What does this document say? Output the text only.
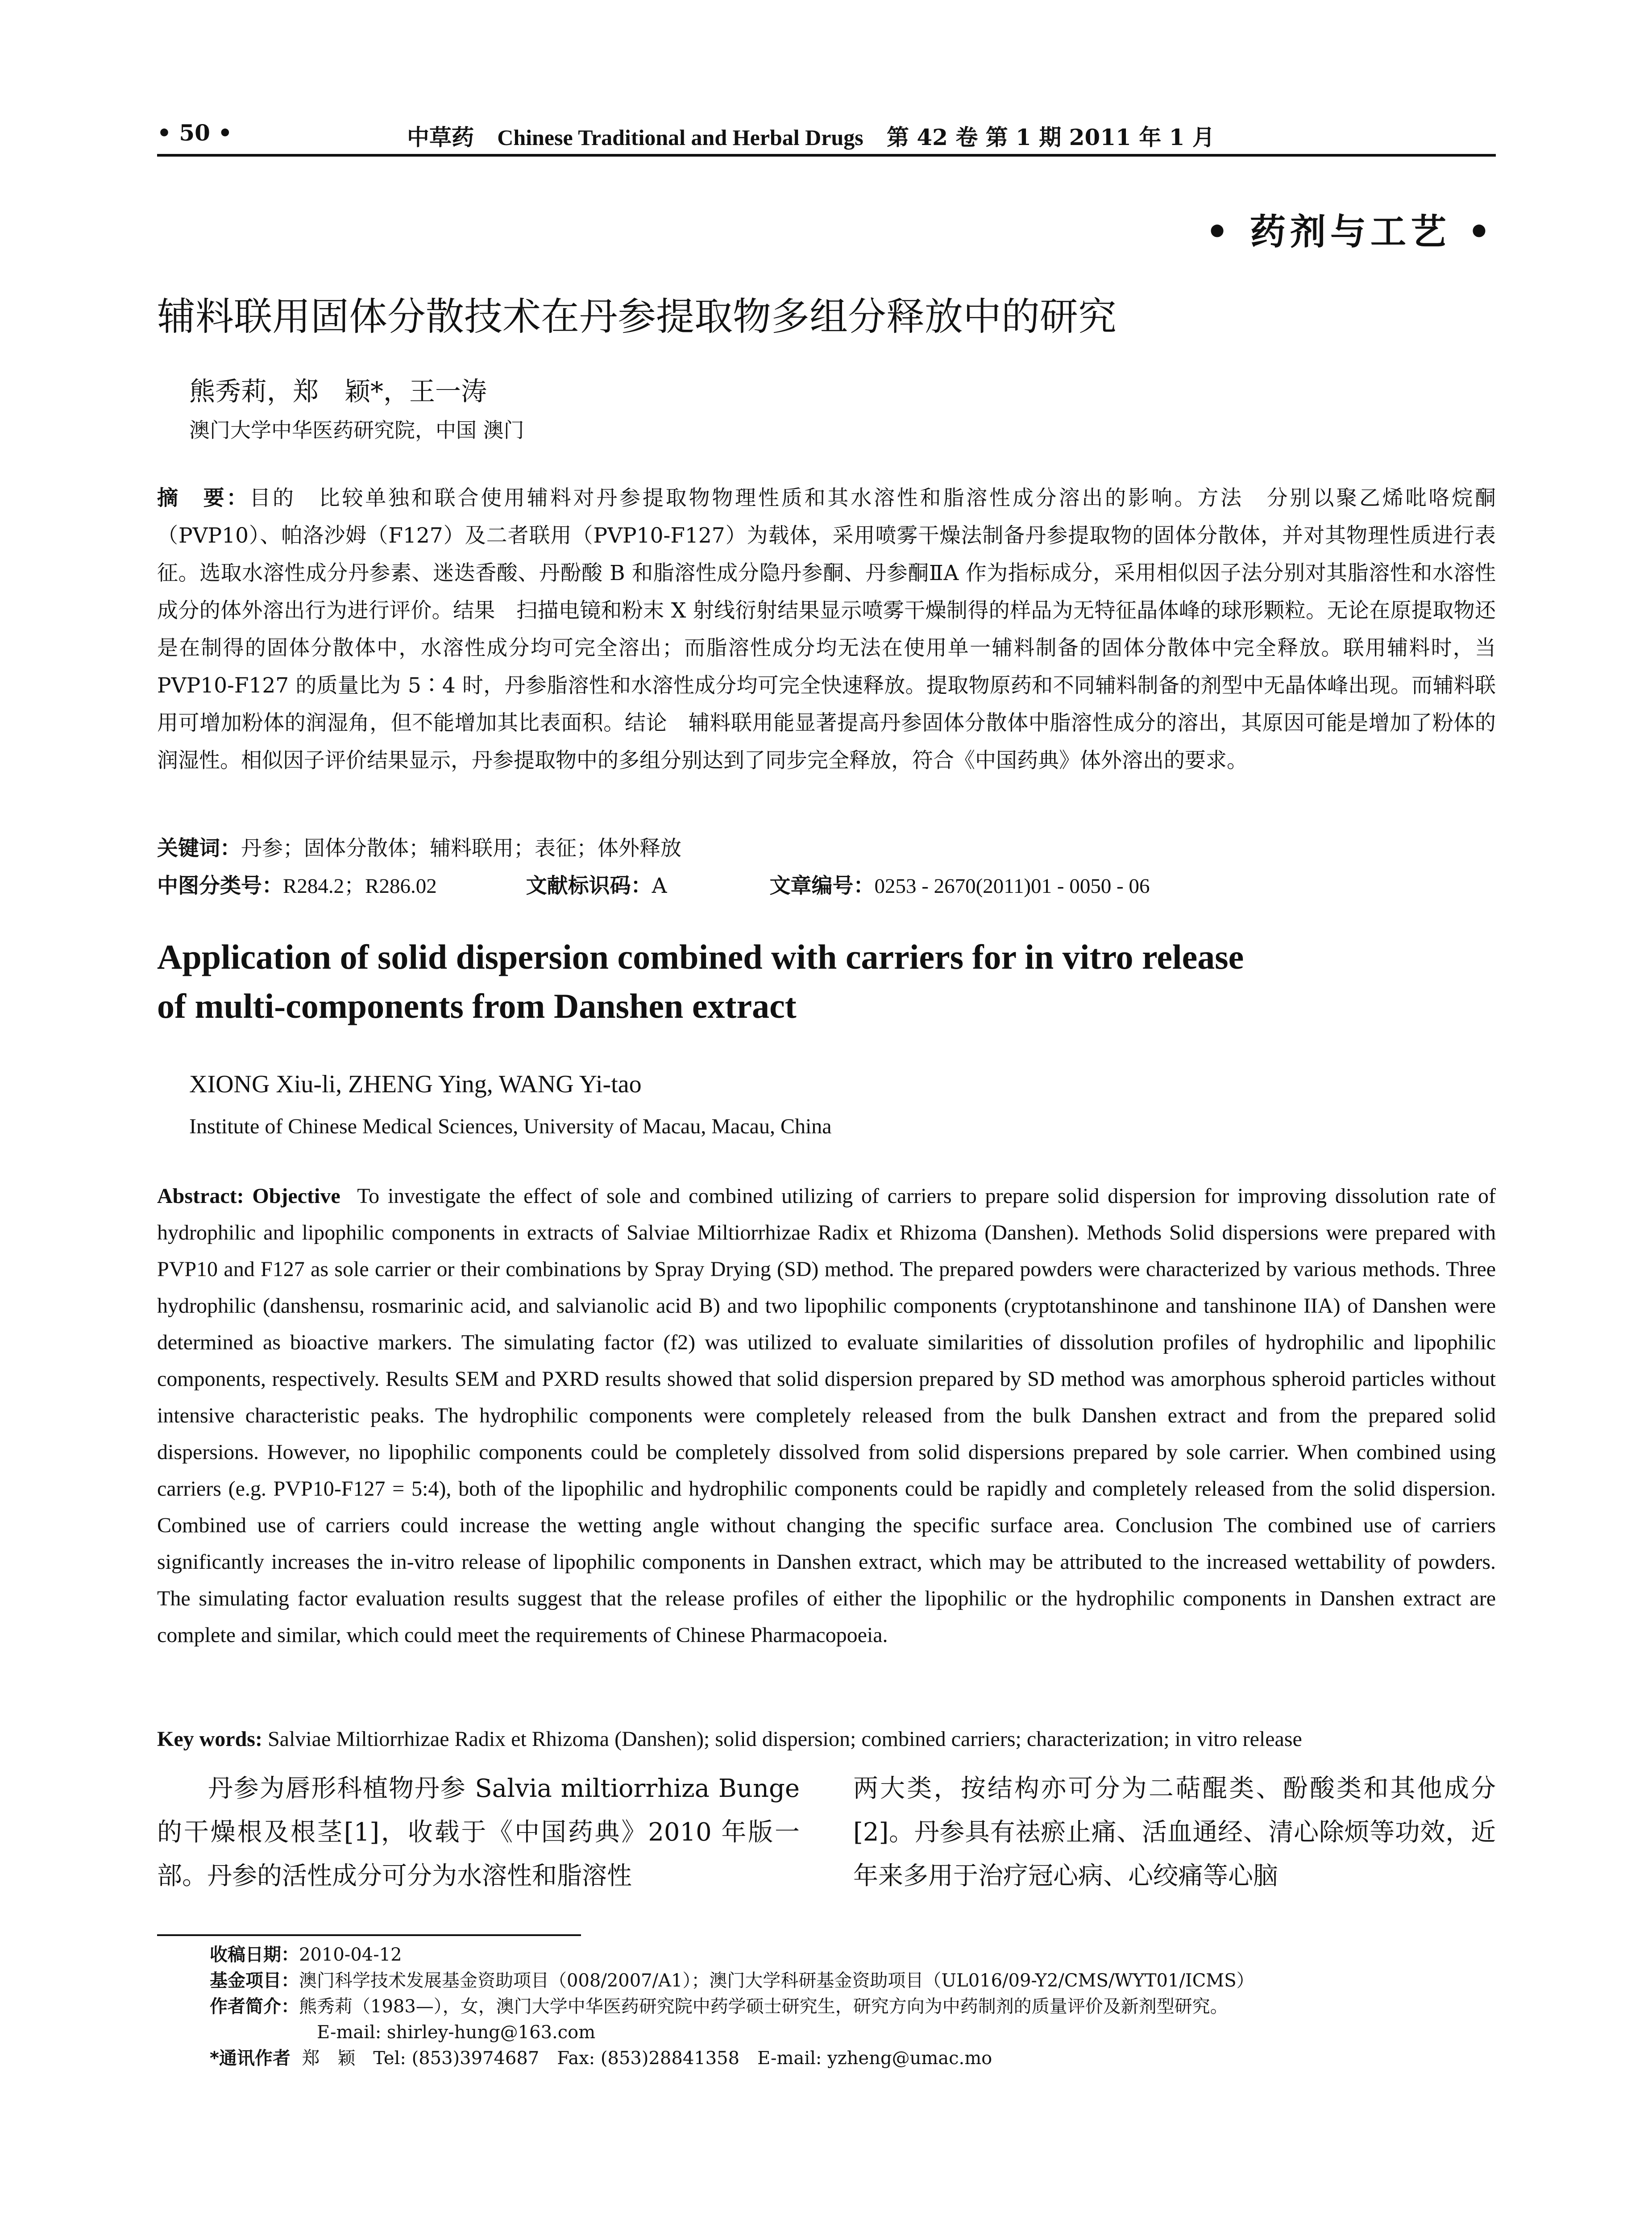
• 50 •	中草药 Chinese Traditional and Herbal Drugs 第 42 卷 第 1 期 2011 年 1 月
• 药剂与工艺 •
辅料联用固体分散技术在丹参提取物多组分释放中的研究
熊秀莉，郑　颖*，王一涛
澳门大学中华医药研究院，中国 澳门
摘　要：目的　比较单独和联合使用辅料对丹参提取物物理性质和其水溶性和脂溶性成分溶出的影响。方法　分别以聚乙烯吡咯烷酮（PVP10）、帕洛沙姆（F127）及二者联用（PVP10-F127）为载体，采用喷雾干燥法制备丹参提取物的固体分散体，并对其物理性质进行表征。选取水溶性成分丹参素、迷迭香酸、丹酚酸 B 和脂溶性成分隐丹参酮、丹参酮ⅡA 作为指标成分，采用相似因子法分别对其脂溶性和水溶性成分的体外溶出行为进行评价。结果　扫描电镜和粉末 X 射线衍射结果显示喷雾干燥制得的样品为无特征晶体峰的球形颗粒。无论在原提取物还是在制得的固体分散体中，水溶性成分均可完全溶出；而脂溶性成分均无法在使用单一辅料制备的固体分散体中完全释放。联用辅料时，当 PVP10-F127 的质量比为 5∶4 时，丹参脂溶性和水溶性成分均可完全快速释放。提取物原药和不同辅料制备的剂型中无晶体峰出现。而辅料联用可增加粉体的润湿角，但不能增加其比表面积。结论　辅料联用能显著提高丹参固体分散体中脂溶性成分的溶出，其原因可能是增加了粉体的润湿性。相似因子评价结果显示，丹参提取物中的多组分别达到了同步完全释放，符合《中国药典》体外溶出的要求。
关键词：丹参；固体分散体；辅料联用；表征；体外释放
中图分类号：R284.2；R286.02	文献标识码：A	文章编号：0253 - 2670(2011)01 - 0050 - 06
Application of solid dispersion combined with carriers for in vitro release
of multi-components from Danshen extract
XIONG Xiu-li, ZHENG Ying, WANG Yi-tao
Institute of Chinese Medical Sciences, University of Macau, Macau, China
Abstract: Objective To investigate the effect of sole and combined utilizing of carriers to prepare solid dispersion for improving dissolution rate of hydrophilic and lipophilic components in extracts of Salviae Miltiorrhizae Radix et Rhizoma (Danshen). Methods Solid dispersions were prepared with PVP10 and F127 as sole carrier or their combinations by Spray Drying (SD) method. The prepared powders were characterized by various methods. Three hydrophilic (danshensu, rosmarinic acid, and salvianolic acid B) and two lipophilic components (cryptotanshinone and tanshinone IIA) of Danshen were determined as bioactive markers. The simulating factor (f2) was utilized to evaluate similarities of dissolution profiles of hydrophilic and lipophilic components, respectively. Results SEM and PXRD results showed that solid dispersion prepared by SD method was amorphous spheroid particles without intensive characteristic peaks. The hydrophilic components were completely released from the bulk Danshen extract and from the prepared solid dispersions. However, no lipophilic components could be completely dissolved from solid dispersions prepared by sole carrier. When combined using carriers (e.g. PVP10-F127 = 5:4), both of the lipophilic and hydrophilic components could be rapidly and completely released from the solid dispersion. Combined use of carriers could increase the wetting angle without changing the specific surface area. Conclusion The combined use of carriers significantly increases the in-vitro release of lipophilic components in Danshen extract, which may be attributed to the increased wettability of powders. The simulating factor evaluation results suggest that the release profiles of either the lipophilic or the hydrophilic components in Danshen extract are complete and similar, which could meet the requirements of Chinese Pharmacopoeia.
Key words: Salviae Miltiorrhizae Radix et Rhizoma (Danshen); solid dispersion; combined carriers; characterization; in vitro release
丹参为唇形科植物丹参 Salvia miltiorrhiza Bunge 的干燥根及根茎[1]，收载于《中国药典》2010 年版一部。丹参的活性成分可分为水溶性和脂溶性
两大类，按结构亦可分为二萜醌类、酚酸类和其他成分[2]。丹参具有祛瘀止痛、活血通经、清心除烦等功效，近年来多用于治疗冠心病、心绞痛等心脑
收稿日期：2010-04-12
基金项目：澳门科学技术发展基金资助项目（008/2007/A1）；澳门大学科研基金资助项目（UL016/09-Y2/CMS/WYT01/ICMS）
作者简介：熊秀莉（1983—），女，澳门大学中华医药研究院中药学硕士研究生，研究方向为中药制剂的质量评价及新剂型研究。
E-mail: shirley-hung@163.com
*通讯作者 郑　颖　Tel: (853)3974687　Fax: (853)28841358　E-mail: yzheng@umac.mo
